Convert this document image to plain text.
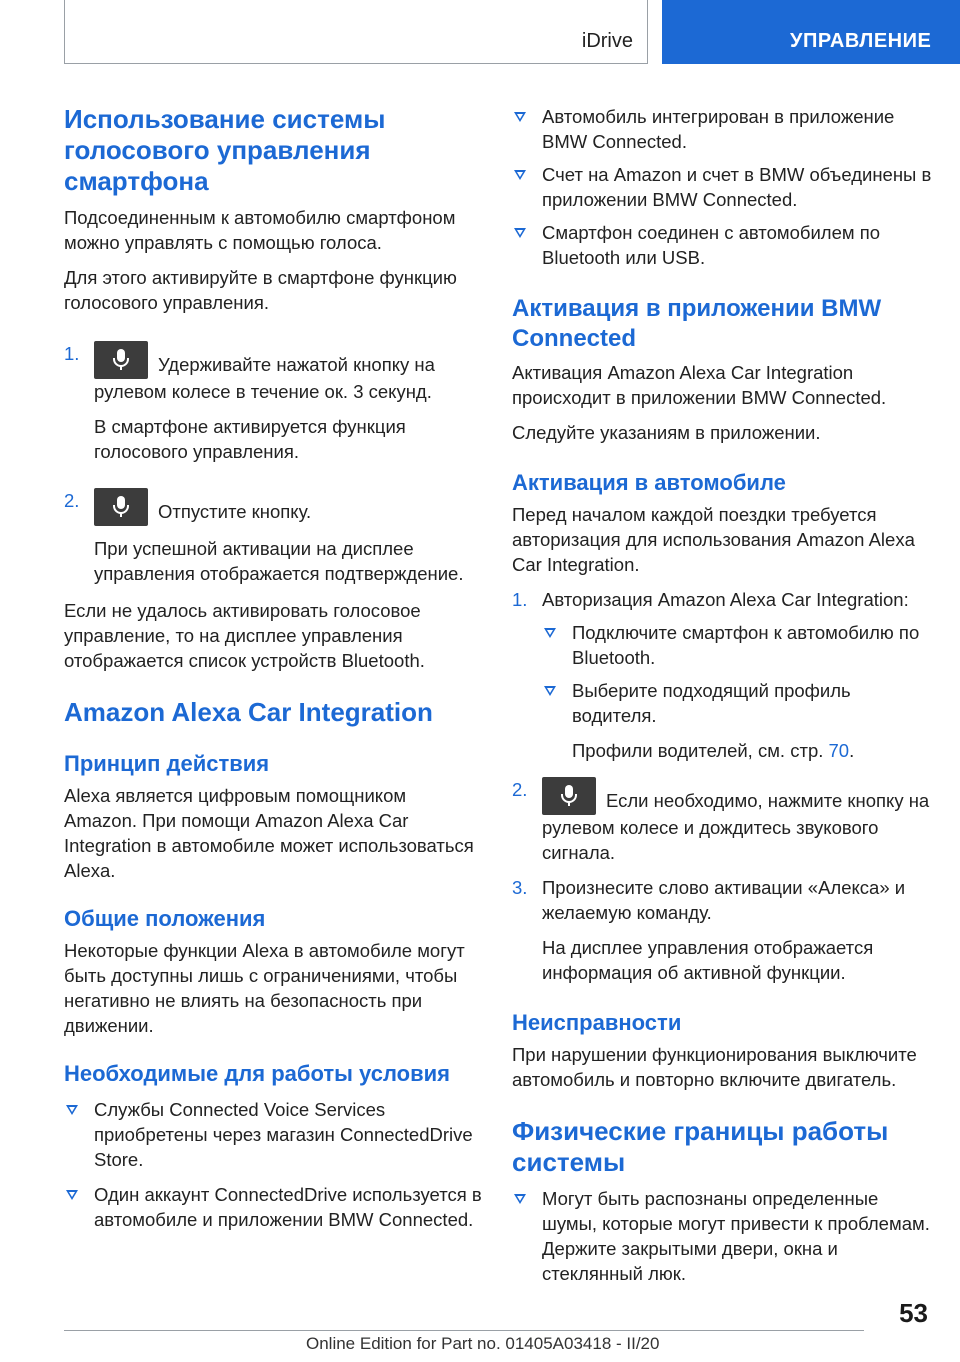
iDrive	УПРАВЛЕНИЕ
Использование системы голосового управления смартфона

Подсоединенным к автомобилю смартфоном можно управлять с помощью голоса.

Для этого активируйте в смартфоне функцию голосового управления.

1.

Удерживайте нажатой кнопку на рулевом колесе в течение ок. 3 секунд.

В смартфоне активируется функция голосового управления.

2.

Отпустите кнопку.

При успешной активации на дисплее управления отображается подтверждение.

Если не удалось активировать голосовое управление, то на дисплее управления отображается список устройств Bluetooth.

Amazon Alexa Car Integration
Принцип действия

Alexa является цифровым помощником Amazon. При помощи Amazon Alexa Car Integration в автомобиле может использоваться Alexa.

Общие положения

Некоторые функции Alexa в автомобиле могут быть доступны лишь с ограничениями, чтобы негативно не влиять на безопасность при движении.

Необходимые для работы условия

Службы Connected Voice Services приобретены через магазин ConnectedDrive Store.

Один аккаунт ConnectedDrive используется в автомобиле и приложении BMW Connected.

Автомобиль интегрирован в приложение BMW Connected.

Счет на Amazon и счет в BMW объединены в приложении BMW Connected.

Смартфон соединен с автомобилем по Bluetooth или USB.

Активация в приложении BMW Connected

Активация Amazon Alexa Car Integration происходит в приложении BMW Connected.

Следуйте указаниям в приложении.

Активация в автомобиле

Перед началом каждой поездки требуется авторизация для использования Amazon Alexa Car Integration.

1. Авторизация Amazon Alexa Car Integration:

Подключите смартфон к автомобилю по Bluetooth.

Выберите подходящий профиль водителя.

Профили водителей, см. стр. 70.

2.

Если необходимо, нажмите кнопку на рулевом колесе и дождитесь звукового сигнала.

3. Произнесите слово активации «Алекса» и желаемую команду.

На дисплее управления отображается информация об активной функции.

Неисправности

При нарушении функционирования выключите автомобиль и повторно включите двигатель.

Физические границы работы системы

Могут быть распознаны определенные шумы, которые могут привести к проблемам. Держите закрытыми двери, окна и стеклянный люк.

53
Online Edition for Part no. 01405A03418 - II/20
